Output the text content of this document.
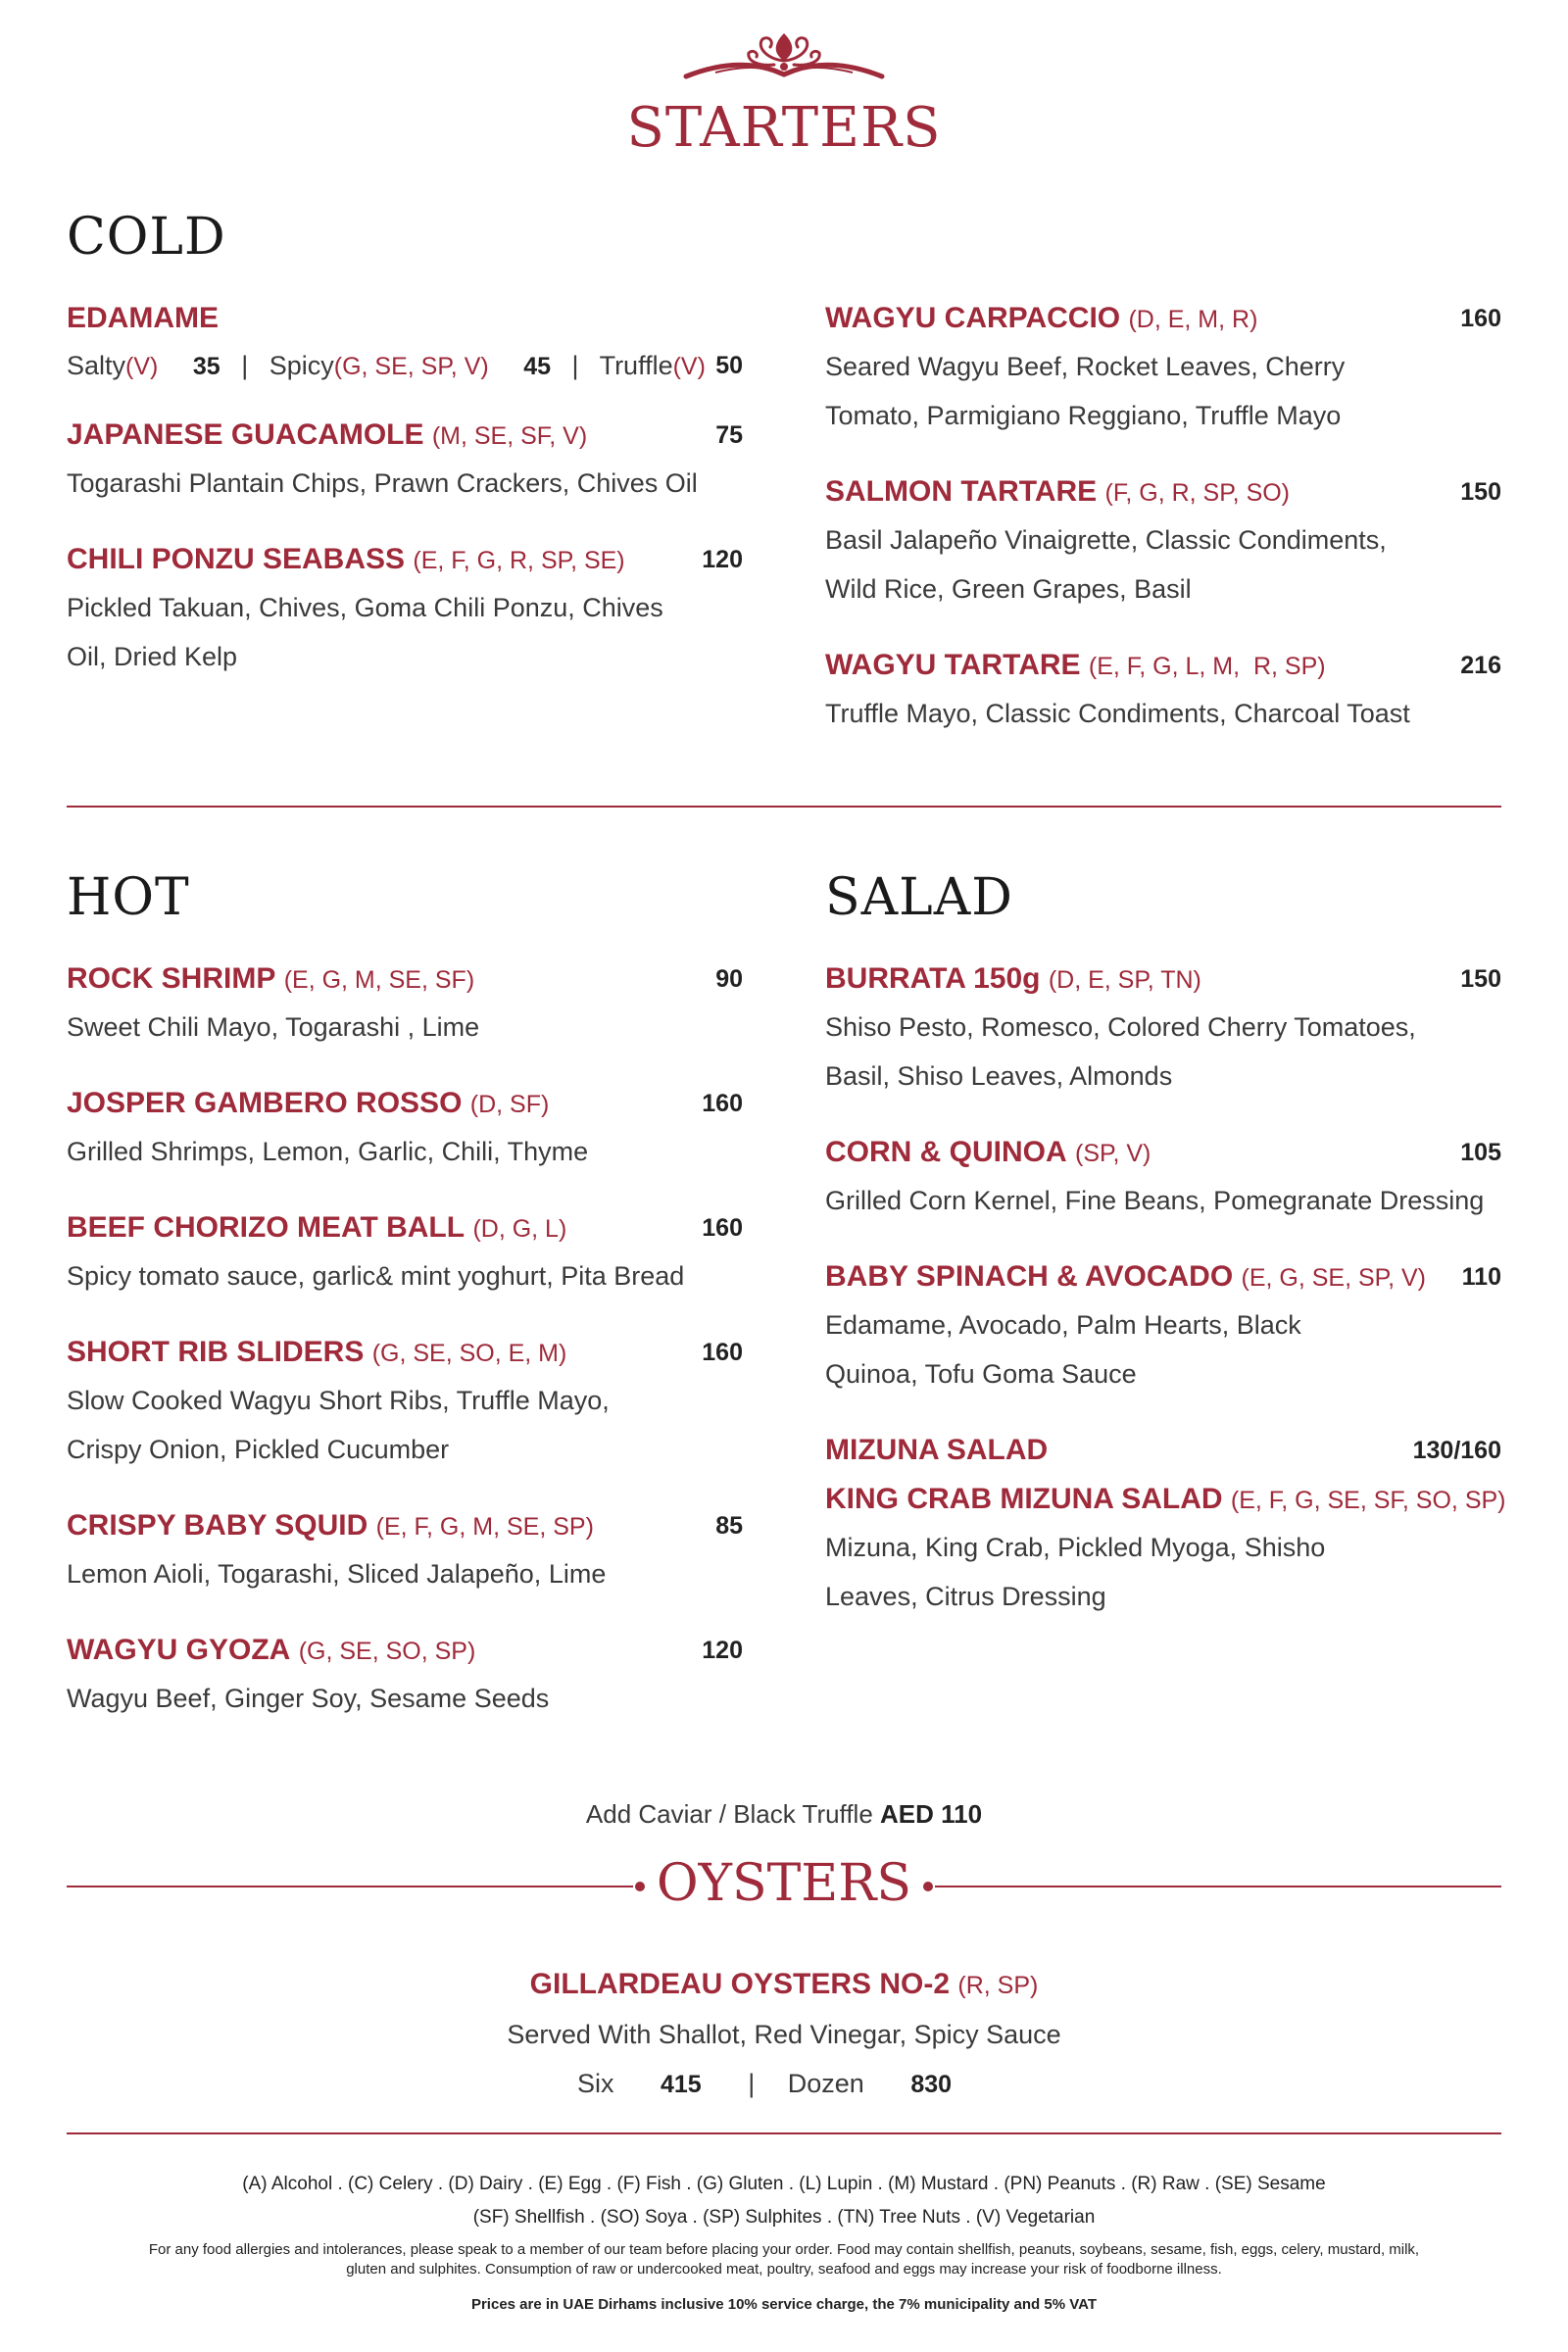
STARTERS
COLD
EDAMAME
Salty(V) 35 | Spicy(G, SE, SP, V) 45 | Truffle(V) 50
JAPANESE GUACAMOLE (M, SE, SF, V)	75
Togarashi Plantain Chips, Prawn Crackers, Chives Oil
CHILI PONZU SEABASS (E, F, G, R, SP, SE)	120
Pickled Takuan, Chives, Goma Chili Ponzu, Chives Oil, Dried Kelp
WAGYU CARPACCIO (D, E, M, R)	160
Seared Wagyu Beef, Rocket Leaves, Cherry Tomato, Parmigiano Reggiano, Truffle Mayo
SALMON TARTARE (F, G, R, SP, SO)	150
Basil Jalapeño Vinaigrette, Classic Condiments, Wild Rice, Green Grapes, Basil
WAGYU TARTARE (E, F, G, L, M,  R, SP)	216
Truffle Mayo, Classic Condiments, Charcoal Toast
HOT	SALAD
ROCK SHRIMP (E, G, M, SE, SF)	90
Sweet Chili Mayo, Togarashi , Lime
JOSPER GAMBERO ROSSO (D, SF)	160
Grilled Shrimps, Lemon, Garlic, Chili, Thyme
BEEF CHORIZO MEAT BALL (D, G, L)	160
Spicy tomato sauce, garlic& mint yoghurt, Pita Bread
SHORT RIB SLIDERS (G, SE, SO, E, M)	160
Slow Cooked Wagyu Short Ribs, Truffle Mayo, Crispy Onion, Pickled Cucumber
CRISPY BABY SQUID (E, F, G, M, SE, SP)	85
Lemon Aioli, Togarashi, Sliced Jalapeño, Lime
WAGYU GYOZA (G, SE, SO, SP)	120
Wagyu Beef, Ginger Soy, Sesame Seeds
BURRATA 150g (D, E, SP, TN)	150
Shiso Pesto, Romesco, Colored Cherry Tomatoes, Basil, Shiso Leaves, Almonds
CORN & QUINOA (SP, V)	105
Grilled Corn Kernel, Fine Beans, Pomegranate Dressing
BABY SPINACH & AVOCADO (E, G, SE, SP, V) 110
Edamame, Avocado, Palm Hearts, Black Quinoa, Tofu Goma Sauce
MIZUNA SALAD	130/160
KING CRAB MIZUNA SALAD (E, F, G, SE, SF, SO, SP)
Mizuna, King Crab, Pickled Myoga, Shisho Leaves, Citrus Dressing
Add Caviar / Black Truffle AED 110
OYSTERS
GILLARDEAU OYSTERS NO-2 (R, SP)
Served With Shallot, Red Vinegar, Spicy Sauce
Six 415 | Dozen 830
(A) Alcohol . (C) Celery . (D) Dairy . (E) Egg . (F) Fish . (G) Gluten . (L) Lupin . (M) Mustard . (PN) Peanuts . (R) Raw . (SE) Sesame
(SF) Shellfish . (SO) Soya . (SP) Sulphites . (TN) Tree Nuts . (V) Vegetarian
For any food allergies and intolerances, please speak to a member of our team before placing your order. Food may contain shellfish, peanuts, soybeans, sesame, fish, eggs, celery, mustard, milk, gluten and sulphites. Consumption of raw or undercooked meat, poultry, seafood and eggs may increase your risk of foodborne illness.
Prices are in UAE Dirhams inclusive 10% service charge, the 7% municipality and 5% VAT
